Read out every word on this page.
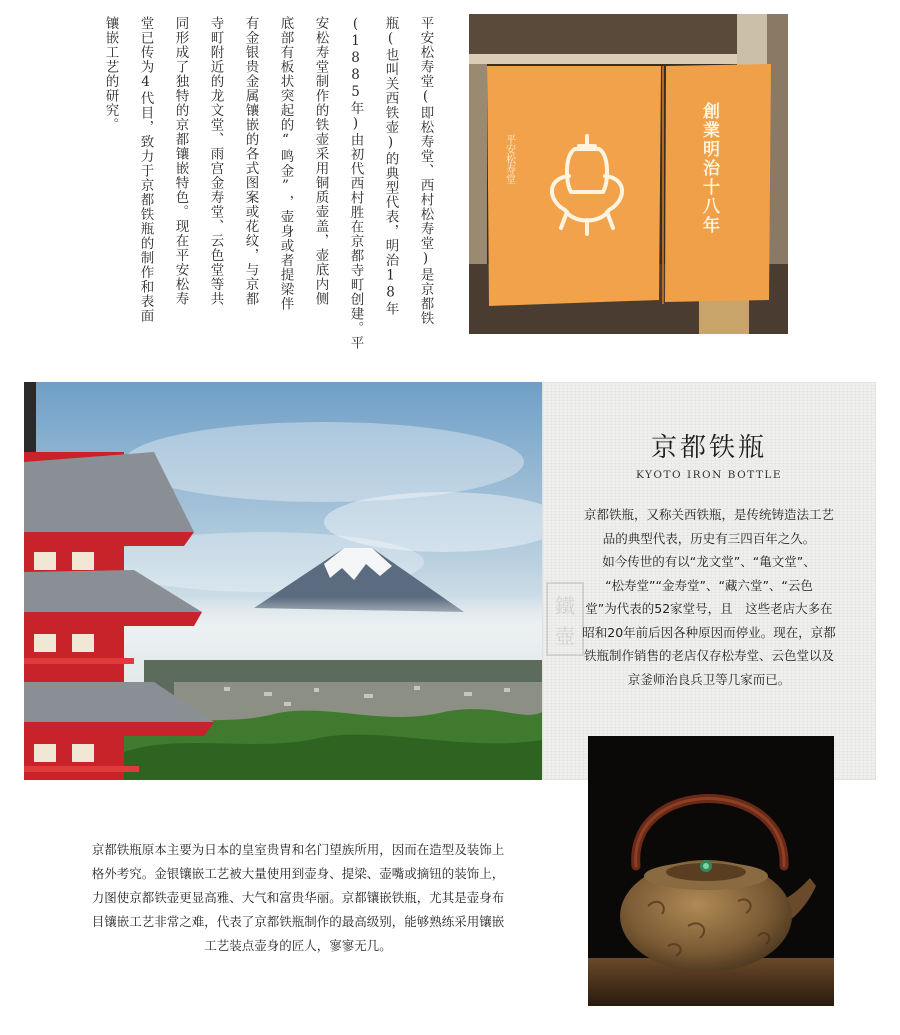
平安松寿堂(即松寿堂、西村松寿堂)是京都铁
瓶(也叫关西铁壶)的典型代表，明治18年
(1885年)由初代西村胜在京都寺町创建。平
安松寿堂制作的铁壶采用铜质壶盖，壶底内侧
底部有板状突起的“鸣金”，壶身或者提梁伴
有金银贵金属镶嵌的各式图案或花纹，与京都
寺町附近的龙文堂、雨宫金寿堂、云色堂等共
同形成了独特的京都镶嵌特色。现在平安松寿
堂已传为4代目，致力于京都铁瓶的制作和表面
镶嵌工艺的研究。
平安松寿堂	創業明治十八年
京都铁瓶
KYOTO IRON BOTTLE
鐵
壺

京都铁瓶，又称关西铁瓶，是传统铸造法工艺

品的典型代表，历史有三四百年之久。

如今传世的有以“龙文堂”、“亀文堂”、

“松寿堂”“金寿堂”、“藏六堂”、“云色

堂”为代表的52家堂号，且　这些老店大多在

昭和20年前后因各种原因而停业。现在，京都

铁瓶制作销售的老店仅存松寿堂、云色堂以及

京釜师治良兵卫等几家而已。

京都铁瓶原本主要为日本的皇室贵胄和名门望族所用，因而在造型及装饰上

格外考究。金银镶嵌工艺被大量使用到壶身、提梁、壶嘴或摘钮的装饰上，

力图使京都铁壶更显高雅、大气和富贵华丽。京都镶嵌铁瓶，尤其是壶身布

目镶嵌工艺非常之难，代表了京都铁瓶制作的最高级别，能够熟练采用镶嵌

工艺装点壶身的匠人，寥寥无几。
